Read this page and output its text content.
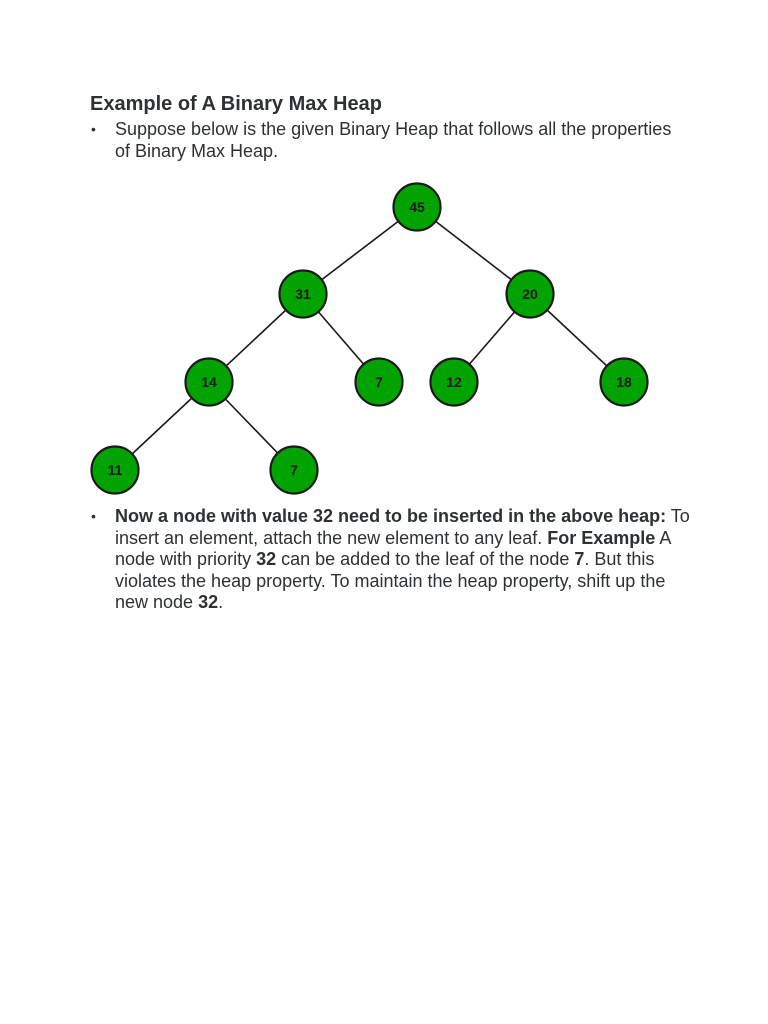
Example of A Binary Max Heap
• Suppose below is the given Binary Heap that follows all the properties of Binary Max Heap.
45
31	20
14	7	12	18
11	7
• Now a node with value 32 need to be inserted in the above heap: To insert an element, attach the new element to any leaf. For Example A node with priority 32 can be added to the leaf of the node 7. But this violates the heap property. To maintain the heap property, shift up the new node 32.
